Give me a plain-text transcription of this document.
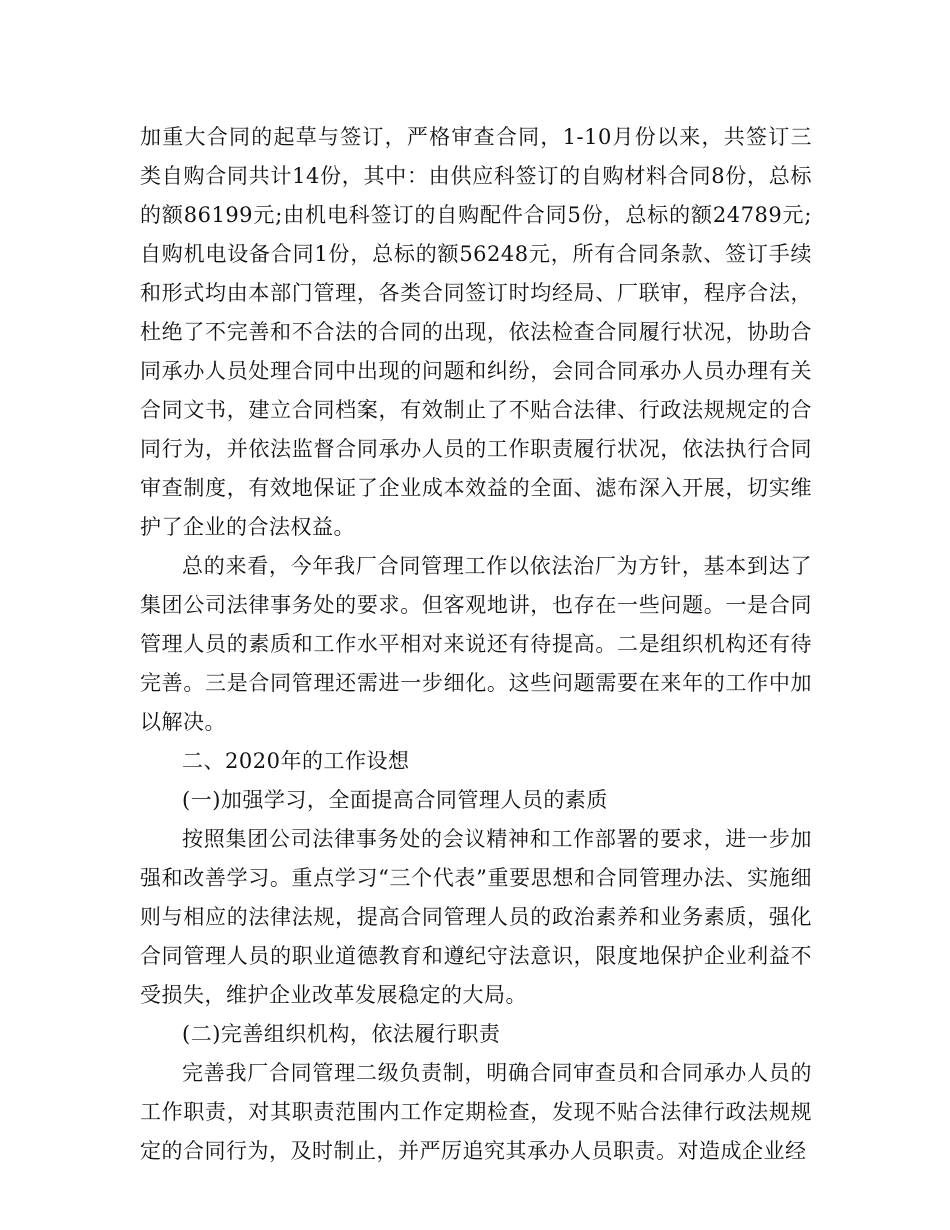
加重大合同的起草与签订，严格审查合同，1-10月份以来，共签订三类自购合同共计14份，其中：由供应科签订的自购材料合同8份，总标的额86199元;由机电科签订的自购配件合同5份，总标的额24789元;自购机电设备合同1份，总标的额56248元，所有合同条款、签订手续和形式均由本部门管理，各类合同签订时均经局、厂联审，程序合法，杜绝了不完善和不合法的合同的出现，依法检查合同履行状况，协助合同承办人员处理合同中出现的问题和纠纷，会同合同承办人员办理有关合同文书，建立合同档案，有效制止了不贴合法律、行政法规规定的合同行为，并依法监督合同承办人员的工作职责履行状况，依法执行合同审查制度，有效地保证了企业成本效益的全面、滤布深入开展，切实维护了企业的合法权益。

总的来看，今年我厂合同管理工作以依法治厂为方针，基本到达了集团公司法律事务处的要求。但客观地讲，也存在一些问题。一是合同管理人员的素质和工作水平相对来说还有待提高。二是组织机构还有待完善。三是合同管理还需进一步细化。这些问题需要在来年的工作中加以解决。

二、2020年的工作设想

(一)加强学习，全面提高合同管理人员的素质

按照集团公司法律事务处的会议精神和工作部署的要求，进一步加强和改善学习。重点学习“三个代表”重要思想和合同管理办法、实施细则与相应的法律法规，提高合同管理人员的政治素养和业务素质，强化合同管理人员的职业道德教育和遵纪守法意识，限度地保护企业利益不受损失，维护企业改革发展稳定的大局。

(二)完善组织机构，依法履行职责

完善我厂合同管理二级负责制，明确合同审查员和合同承办人员的工作职责，对其职责范围内工作定期检查，发现不贴合法律行政法规规定的合同行为，及时制止，并严厉追究其承办人员职责。对造成企业经
